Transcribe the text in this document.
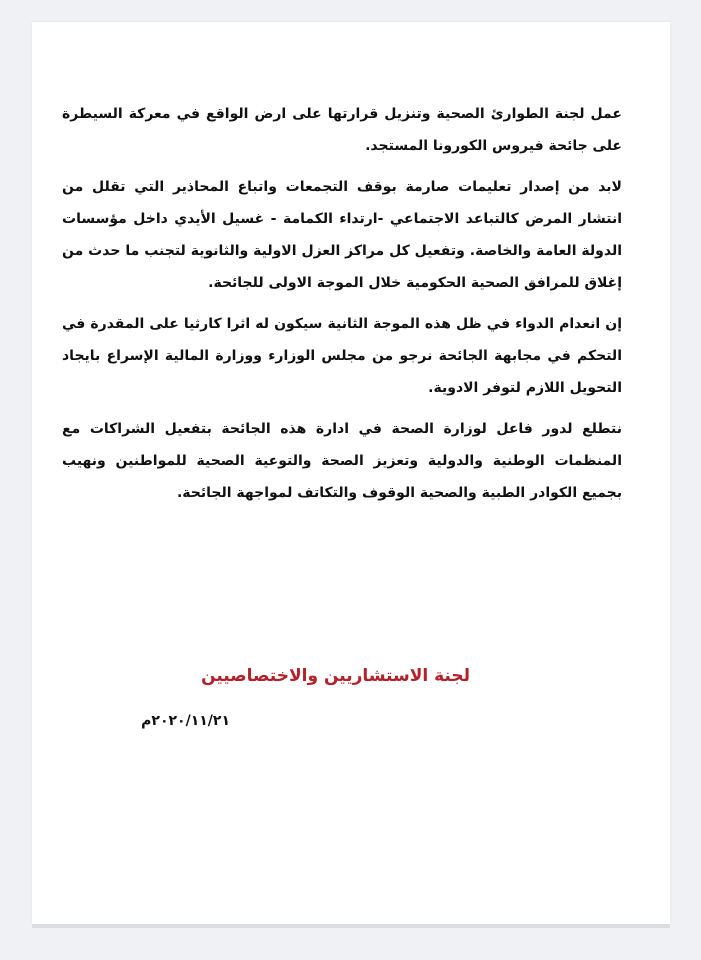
عمل لجنة الطوارئ الصحية وتنزيل قرارتها على ارض الواقع في معركة السيطرة على جائحة فيروس الكورونا المستجد.

لابد من إصدار تعليمات صارمة بوقف التجمعات واتباع المحاذير التي تقلل من انتشار المرض كالتباعد الاجتماعي -ارتداء الكمامة - غسيل الأيدي داخل مؤسسات الدولة العامة والخاصة. وتفعيل كل مراكز العزل الاولية والثانوية لتجنب ما حدث من إغلاق للمرافق الصحية الحكومية خلال الموجة الاولى للجائحة.

إن انعدام الدواء في ظل هذه الموجة الثانية سيكون له اثرا كارثيا على المقدرة في التحكم في مجابهة الجائحة نرجو من مجلس الوزارء ووزارة المالية الإسراع بايجاد التحويل اللازم لتوفر الادوية.

نتطلع لدور فاعل لوزارة الصحة في ادارة هذه الجائحة بتفعيل الشراكات مع المنظمات الوطنية والدولية وتعزيز الصحة والتوعية الصحية للمواطنين ونهيب بجميع الكوادر الطبية والصحية الوقوف والتكاتف لمواجهة الجائحة.

لجنة الاستشاريين والاختصاصيين
٢٠٢٠/١١/٢١م
